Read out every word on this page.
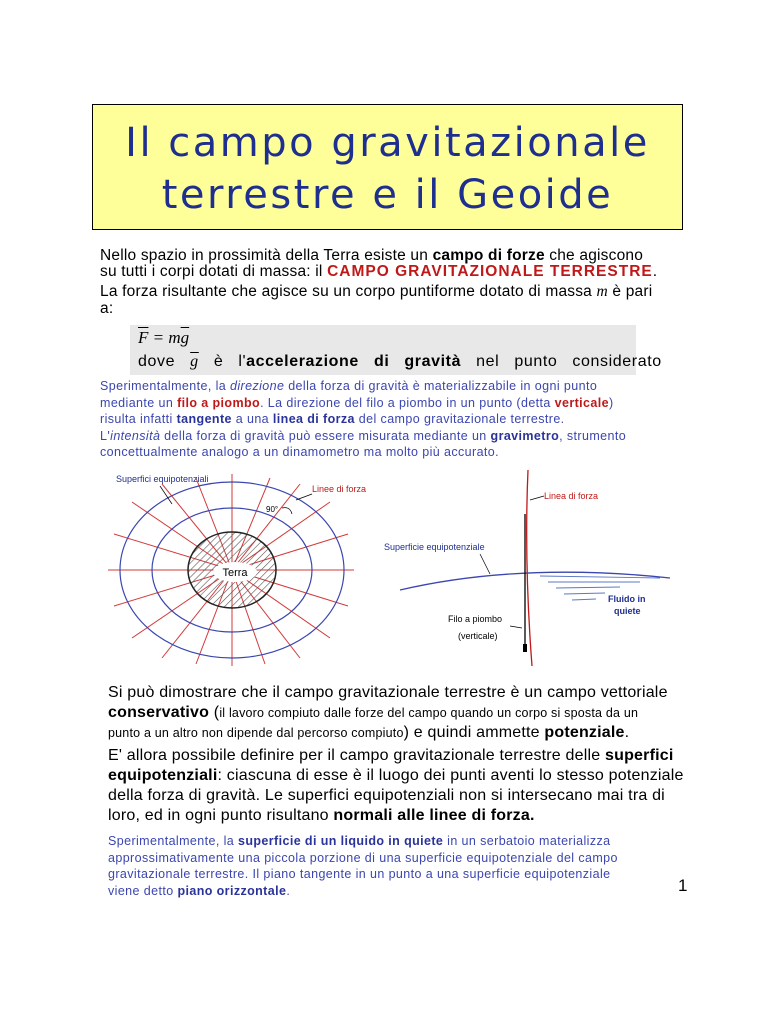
Il campo gravitazionale
terrestre e il Geoide
Nello spazio in prossimità della Terra esiste un campo di forze che agiscono
su tutti i corpi dotati di massa: il CAMPO GRAVITAZIONALE TERRESTRE.
La forza risultante che agisce su un corpo puntiforme dotato di massa m è pari
a:
$\overline{F} = m\overline{g}$
dove $\overline{g}$ è l'accelerazione di gravità nel punto considerato
Sperimentalmente, la direzione della forza di gravità è materializzabile in ogni punto
mediante un filo a piombo. La direzione del filo a piombo in un punto (detta verticale)
risulta infatti tangente a una linea di forza del campo gravitazionale terrestre.
L'intensità della forza di gravità può essere misurata mediante un gravimetro, strumento
concettualmente analogo a un dinamometro ma molto più accurato.
Terra
Superfici equipotenziali
Linee di forza
90°
Linea di forza
Superficie equipotenziale
Fluido in
quiete
Filo a piombo
(verticale)
Si può dimostrare che il campo gravitazionale terrestre è un campo vettoriale
conservativo (il lavoro compiuto dalle forze del campo quando un corpo si sposta da un
punto a un altro non dipende dal percorso compiuto) e quindi ammette potenziale.
E' allora possibile definire per il campo gravitazionale terrestre delle superfici
equipotenziali: ciascuna di esse è il luogo dei punti aventi lo stesso potenziale
della forza di gravità. Le superfici equipotenziali non si intersecano mai tra di
loro, ed in ogni punto risultano normali alle linee di forza.
Sperimentalmente, la superficie di un liquido in quiete in un serbatoio materializza
approssimativamente una piccola porzione di una superficie equipotenziale del campo
gravitazionale terrestre. Il piano tangente in un punto a una superficie equipotenziale
viene detto piano orizzontale.	1
